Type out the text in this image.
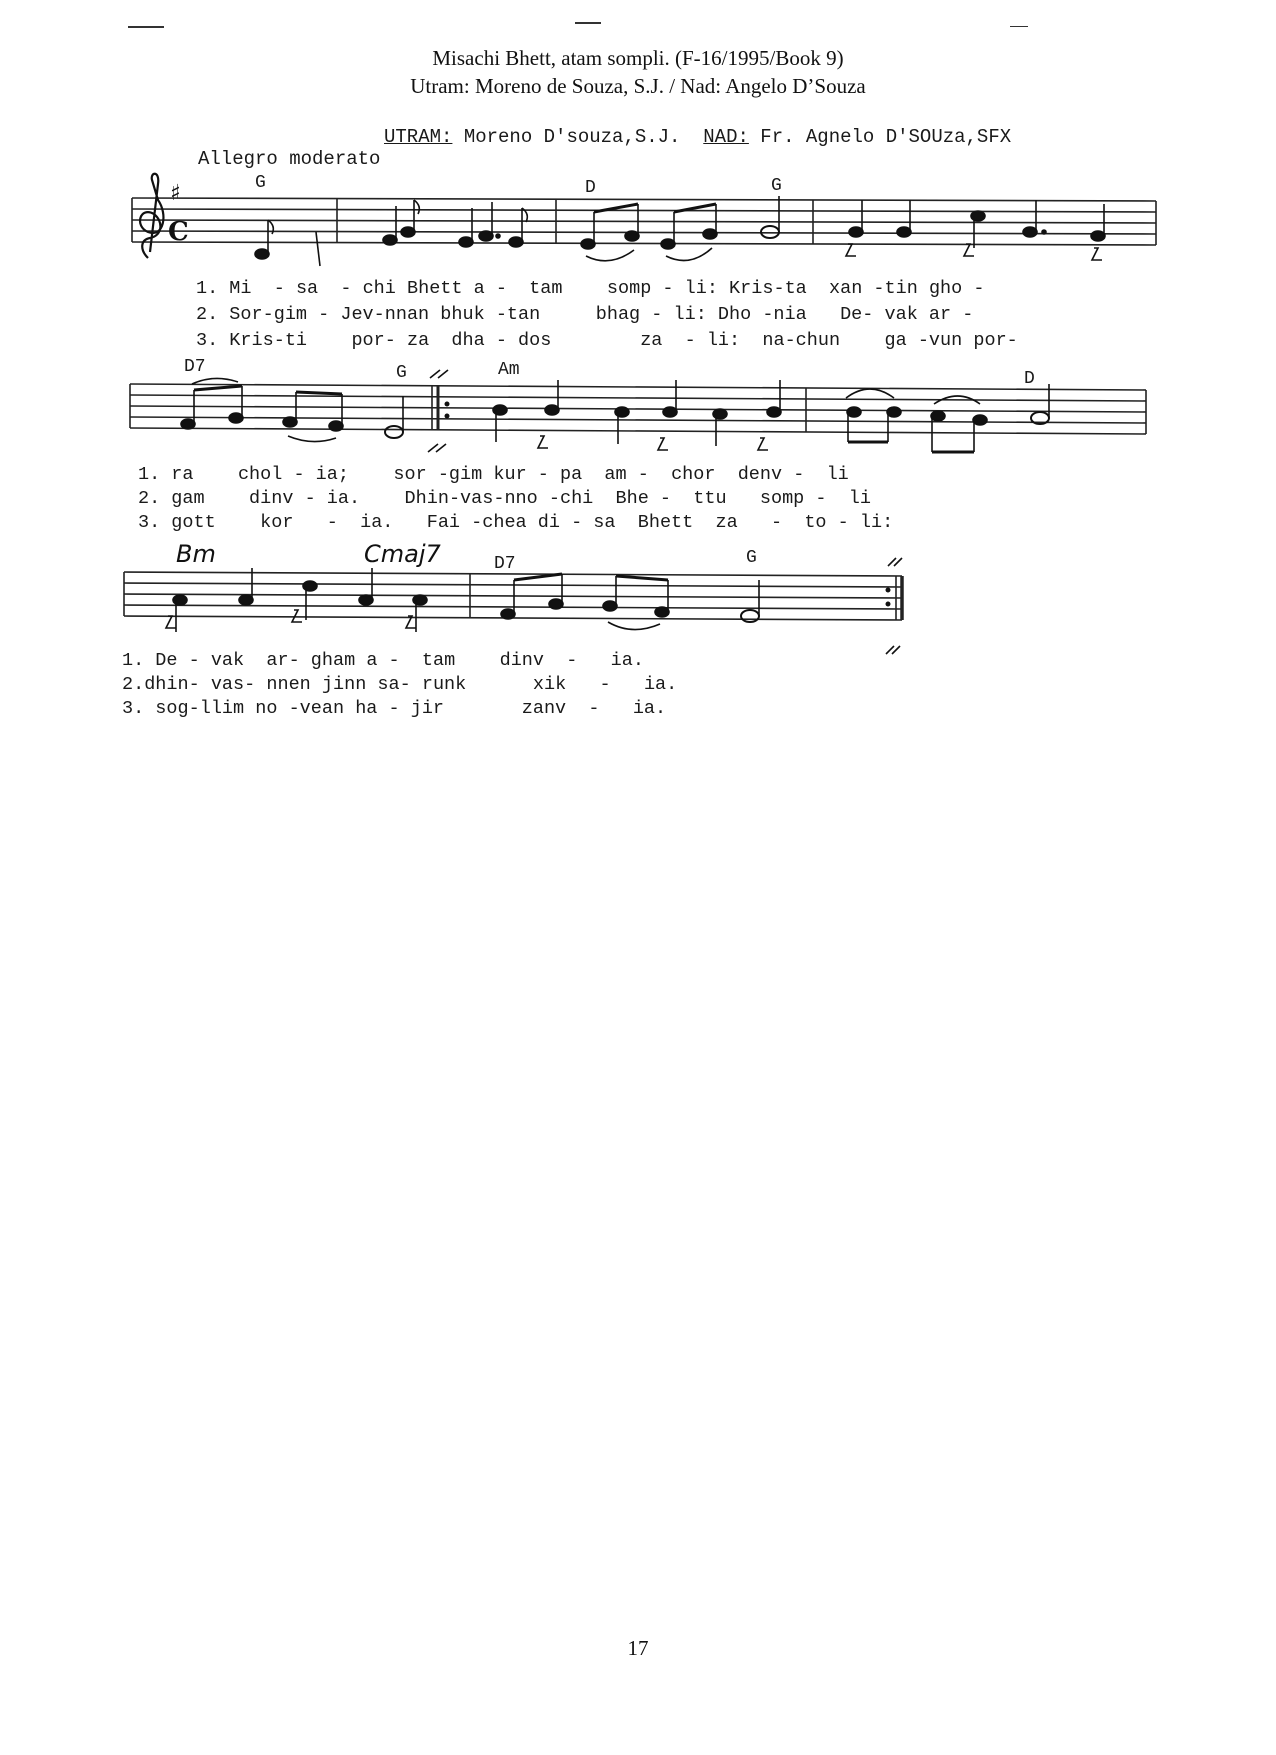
Misachi Bhett, atam sompli. (F-16/1995/Book 9)
Utram: Moreno de Souza, S.J. / Nad: Angelo D’Souza
UTRAM: Moreno D'souza,S.J. NAD: Fr. Agnelo D'SOUza,SFX
Allegro moderato
G	D	G
♯
C
1. Mi - sa - chi Bhett a - tam somp - li: Kris-ta xan -tin gho -
2. Sor-gim - Jev-nnan bhuk -tan	bhag - li: Dho -nia De- vak ar -
3. Kris-ti por- za dha - dos	za - li: na-chun ga -vun por-
D7	G	Am	D
1. ra chol - ia; sor -gim kur - pa am - chor denv - li
2. gam dinv - ia. Dhin-vas-nno -chi Bhe - ttu somp - li
3. gott kor - ia. Fai -chea di - sa Bhett za - to - li:
Bm	Cmaj7	D7	G
1. De - vak ar- gham a - tam dinv - ia.
2.dhin- vas- nnen jinn sa- runk	xik - ia.
3. sog-llim no -vean ha - jir	zanv - ia.
17
